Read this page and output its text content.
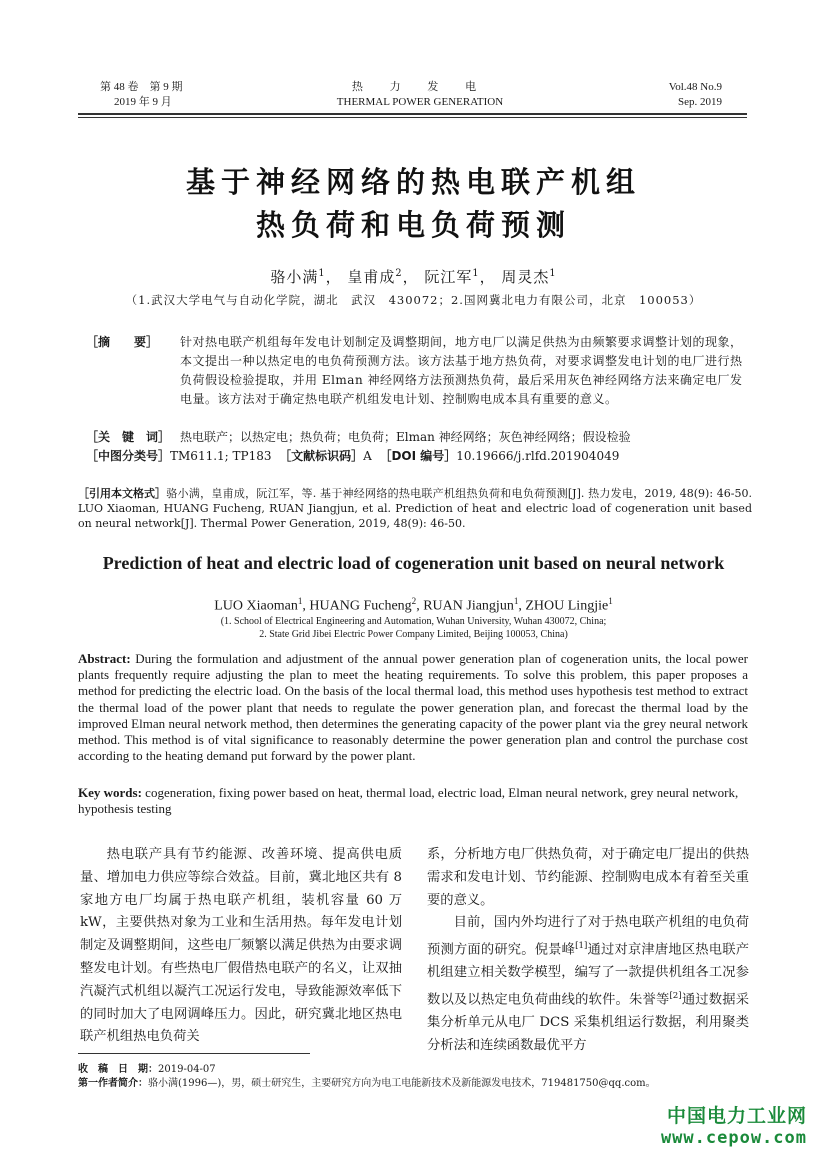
第 48 卷　第 9 期
2019 年 9 月
热 力 发 电
THERMAL POWER GENERATION
Vol.48 No.9
Sep. 2019
基于神经网络的热电联产机组
热负荷和电负荷预测
骆小满$^1$， 皇甫成$^2$， 阮江军$^1$， 周灵杰$^1$
（1.武汉大学电气与自动化学院，湖北　武汉　430072；2.国网冀北电力有限公司，北京　100053）
［摘　　要］	针对热电联产机组每年发电计划制定及调整期间，地方电厂以满足供热为由频繁要求调整计划的现象，本文提出一种以热定电的电负荷预测方法。该方法基于地方热负荷，对要求调整发电计划的电厂进行热负荷假设检验提取，并用 Elman 神经网络方法预测热负荷，最后采用灰色神经网络方法来确定电厂发电量。该方法对于确定热电联产机组发电计划、控制购电成本具有重要的意义。
［关　键　词］ 热电联产；以热定电；热负荷；电负荷；Elman 神经网络；灰色神经网络；假设检验
［中图分类号］TM611.1; TP183 ［文献标识码］A ［DOI 编号］10.19666/j.rlfd.201904049
［引用本文格式］骆小满，皇甫成，阮江军，等. 基于神经网络的热电联产机组热负荷和电负荷预测[J]. 热力发电，2019, 48(9): 46-50. LUO Xiaoman, HUANG Fucheng, RUAN Jiangjun, et al. Prediction of heat and electric load of cogeneration unit based on neural network[J]. Thermal Power Generation, 2019, 48(9): 46-50.
Prediction of heat and electric load of cogeneration unit based on neural network
LUO Xiaoman$^1$, HUANG Fucheng$^2$, RUAN Jiangjun$^1$, ZHOU Lingjie$^1$
(1. School of Electrical Engineering and Automation, Wuhan University, Wuhan 430072, China;
2. State Grid Jibei Electric Power Company Limited, Beijing 100053, China)
Abstract: During the formulation and adjustment of the annual power generation plan of cogeneration units, the local power plants frequently require adjusting the plan to meet the heating requirements. To solve this problem, this paper proposes a method for predicting the electric load. On the basis of the local thermal load, this method uses hypothesis test method to extract the thermal load of the power plant that needs to regulate the power generation plan, and forecast the thermal load by the improved Elman neural network method, then determines the generating capacity of the power plant via the grey neural network method. This method is of vital significance to reasonably determine the power generation plan and control the purchase cost according to the heating demand put forward by the power plant.
Key words: cogeneration, fixing power based on heat, thermal load, electric load, Elman neural network, grey neural network, hypothesis testing

热电联产具有节约能源、改善环境、提高供电质量、增加电力供应等综合效益。目前，冀北地区共有 8 家地方电厂均属于热电联产机组，装机容量 60 万 kW，主要供热对象为工业和生活用热。每年发电计划制定及调整期间，这些电厂频繁以满足供热为由要求调整发电计划。有些热电厂假借热电联产的名义，让双抽汽凝汽式机组以凝汽工况运行发电，导致能源效率低下的同时加大了电网调峰压力。因此，研究冀北地区热电联产机组热电负荷关

系，分析地方电厂供热负荷，对于确定电厂提出的供热需求和发电计划、节约能源、控制购电成本有着至关重要的意义。

目前，国内外均进行了对于热电联产机组的电负荷预测方面的研究。倪景峰[1]通过对京津唐地区热电联产机组建立相关数学模型，编写了一款提供机组各工况参数以及以热定电负荷曲线的软件。朱誉等[2]通过数据采集分析单元从电厂 DCS 采集机组运行数据，利用聚类分析法和连续函数最优平方

收　稿　日　期：2019-04-07
第一作者简介：骆小满(1996—)，男，硕士研究生，主要研究方向为电工电能新技术及新能源发电技术，719481750@qq.com。
中国电力工业网
www.cepow.com
